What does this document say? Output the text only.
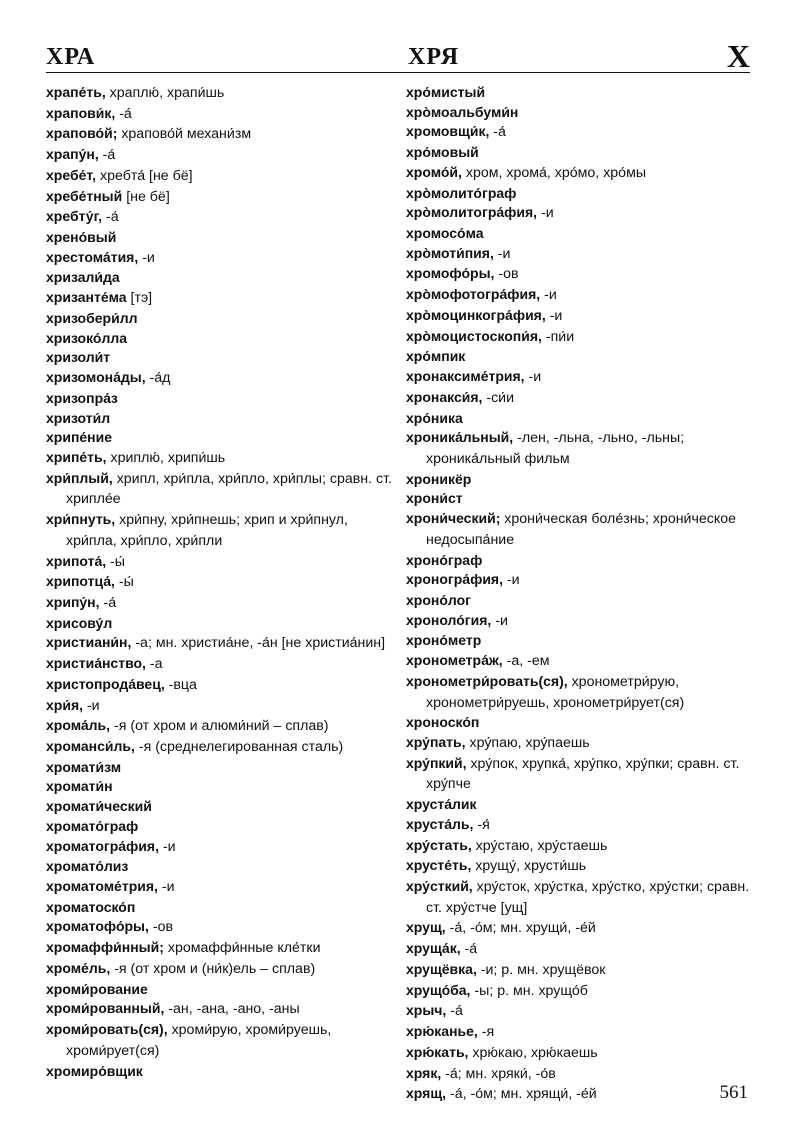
ХРА	ХРЯ	Х
храпе́ть, храплю́, храпи́шь
храпови́к, -а́
храпово́й; храпово́й механи́зм
храпу́н, -а́
хребе́т, хребта́ [не бё]
хребе́тный [не бё]
хребту́г, -а́
хрено́вый
хрестома́тия, -и
хризали́да
хризанте́ма [тэ]
хризобери́лл
хризоко́лла
хризоли́т
хризомона́ды, -а́д
хризопра́з
хризоти́л
хрипе́ние
хрипе́ть, хриплю́, хрипи́шь
хри́плый, хрипл, хри́пла, хри́пло, хри́плы; сравн. ст. хрипле́е
хри́пнуть, хри́пну, хри́пнешь; хрип и хри́пнул, хри́пла, хри́пло, хри́пли
хрипота́, -ы́
хрипотца́, -ы́
хрипу́н, -а́
хрисову́л
христиани́н, -а; мн. христиа́не, -а́н [не христиа́нин]
христиа́нство, -а
христопрода́вец, -вца
хри́я, -и
хрома́ль, -я (от хром и алюми́ний – сплав)
хроманси́ль, -я (среднелегированная сталь)
хромати́зм
хромати́н
хромати́ческий
хромато́граф
хроматогра́фия, -и
хромато́лиз
хроматоме́трия, -и
хроматоско́п
хроматофо́ры, -ов
хромаффи́нный; хромаффи́нные кле́тки
хроме́ль, -я (от хром и (ни́к)ель – сплав)
хроми́рование
хроми́рованный, -ан, -ана, -ано, -аны
хроми́ровать(ся), хроми́рую, хроми́руешь, хроми́рует(ся)
хромиро́вщик
хро́мистый
хро̀моальбуми́н
хромовщи́к, -а́
хро́мовый
хромо́й, хром, хрома́, хро́мо, хро́мы
хро̀молито́граф
хро̀молитогра́фия, -и
хромосо́ма
хро̀моти́пия, -и
хромофо́ры, -ов
хро̀мофотогра́фия, -и
хро̀моцинкогра́фия, -и
хро̀моцистоскопи́я, -пи́и
хро́мпик
хронаксиме́трия, -и
хронакси́я, -си́и
хро́ника
хроника́льный, -лен, -льна, -льно, -льны; хроника́льный фильм
хроникёр
хрони́ст
хрони́ческий; хрони́ческая боле́знь; хрони́ческое недосыпа́ние
хроно́граф
хроногра́фия, -и
хроно́лог
хроноло́гия, -и
хроно́метр
хронометра́ж, -а, -ем
хронометри́ровать(ся), хронометри́рую, хронометри́руешь, хронометри́рует(ся)
хроноско́п
хру́пать, хру́паю, хру́паешь
хру́пкий, хру́пок, хрупка́, хру́пко, хру́пки; сравн. ст. хру́пче
хруста́лик
хруста́ль, -я́
хру́стать, хру́стаю, хру́стаешь
хрусте́ть, хрущу́, хрусти́шь
хру́сткий, хру́сток, хру́стка, хру́стко, хру́стки; сравн. ст. хру́стче [ущ]
хрущ, -а́, -о́м; мн. хрущи́, -е́й
хруща́к, -а́
хрущёвка, -и; р. мн. хрущёвок
хрущо́ба, -ы; р. мн. хрущо́б
хрыч, -а́
хрю́канье, -я
хрю́кать, хрю́каю, хрю́каешь
хряк, -а́; мн. хряки́, -о́в
хрящ, -а́, -о́м; мн. хрящи́, -е́й	561
